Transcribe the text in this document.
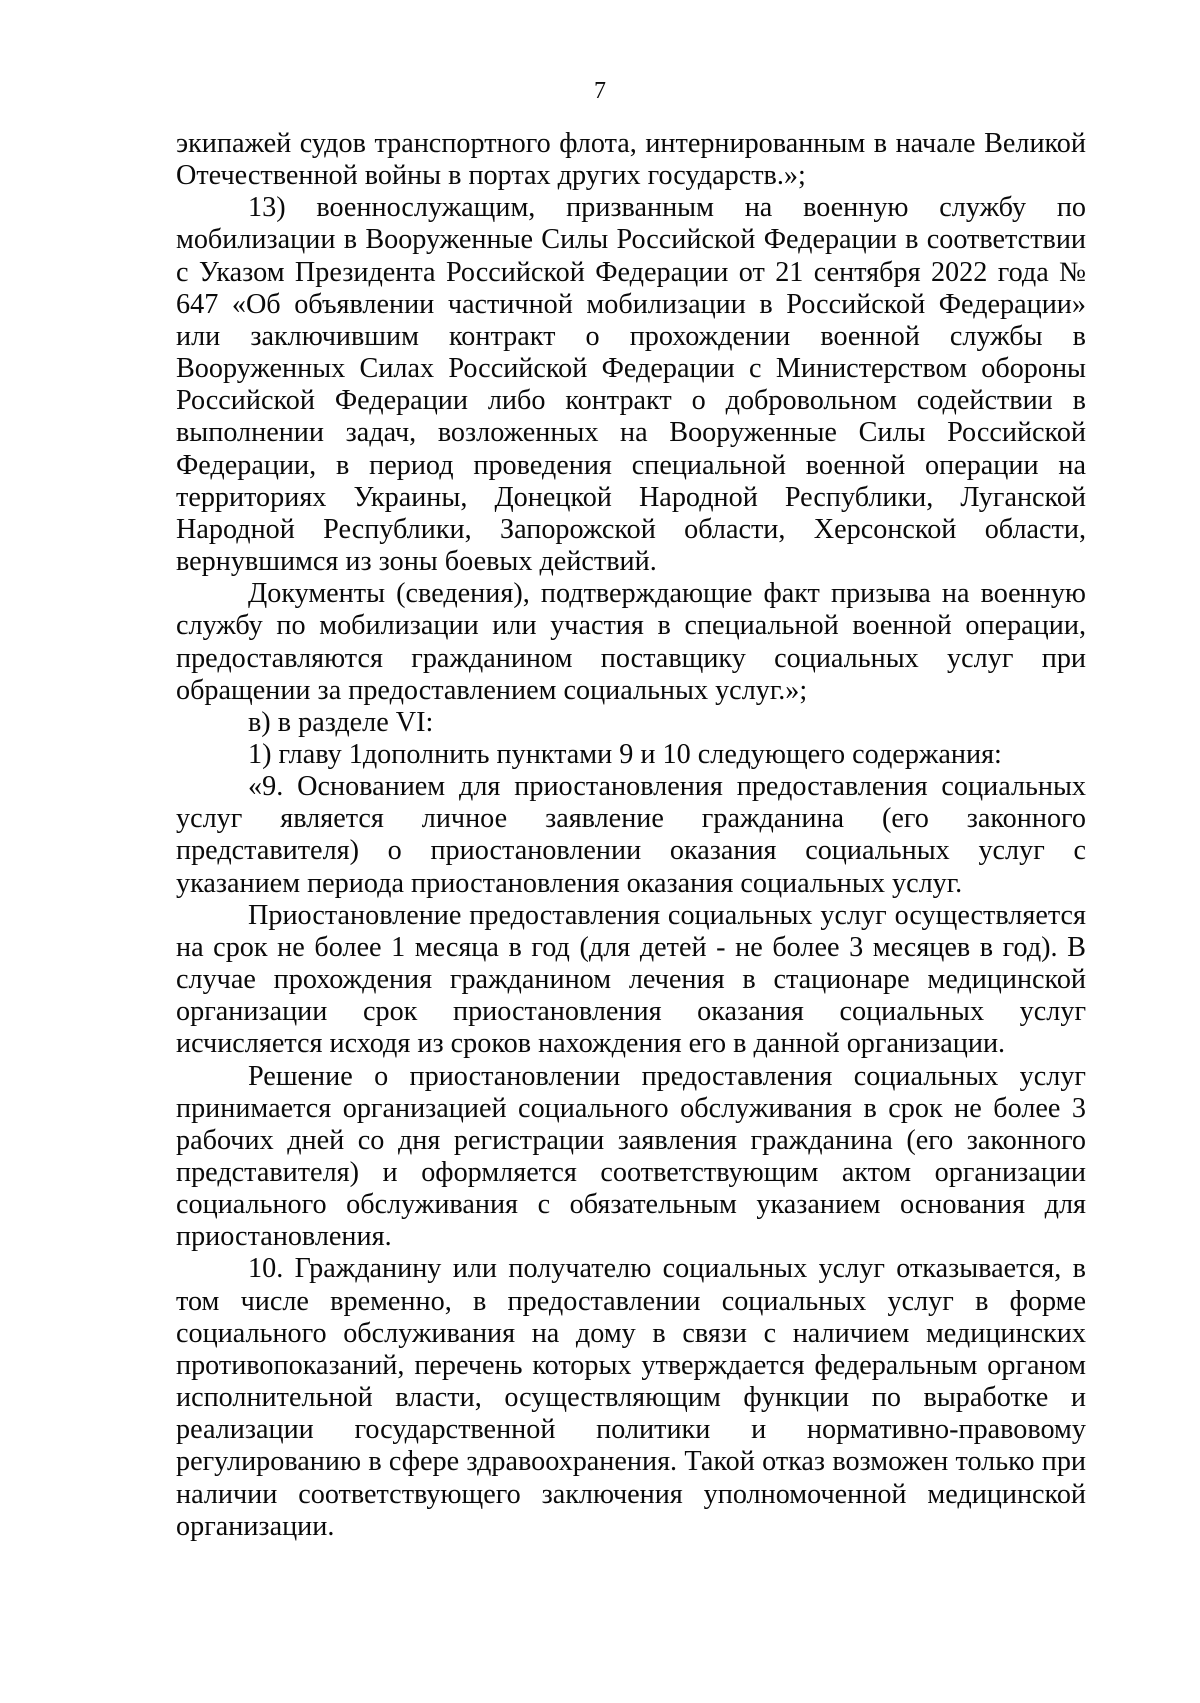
7

экипажей судов транспортного флота, интернированным в начале Великой Отечественной войны в портах других государств.»;

13) военнослужащим, призванным на военную службу по мобилизации в Вооруженные Силы Российской Федерации в соответствии с Указом Президента Российской Федерации от 21 сентября 2022 года № 647 «Об объявлении частичной мобилизации в Российской Федерации» или заключившим контракт о прохождении военной службы в Вооруженных Силах Российской Федерации с Министерством обороны Российской Федерации либо контракт о добровольном содействии в выполнении задач, возложенных на Вооруженные Силы Российской Федерации, в период проведения специальной военной операции на территориях Украины, Донецкой Народной Республики, Луганской Народной Республики, Запорожской области, Херсонской области, вернувшимся из зоны боевых действий.

Документы (сведения), подтверждающие факт призыва на военную службу по мобилизации или участия в специальной военной операции, предоставляются гражданином поставщику социальных услуг при обращении за предоставлением социальных услуг.»;

в) в разделе VI:

1) главу 1дополнить пунктами 9 и 10 следующего содержания:

«9. Основанием для приостановления предоставления социальных услуг является личное заявление гражданина (его законного представителя) о приостановлении оказания социальных услуг с указанием периода приостановления оказания социальных услуг.

Приостановление предоставления социальных услуг осуществляется на срок не более 1 месяца в год (для детей - не более 3 месяцев в год). В случае прохождения гражданином лечения в стационаре медицинской организации срок приостановления оказания социальных услуг исчисляется исходя из сроков нахождения его в данной организации.

Решение о приостановлении предоставления социальных услуг принимается организацией социального обслуживания в срок не более 3 рабочих дней со дня регистрации заявления гражданина (его законного представителя) и оформляется соответствующим актом организации социального обслуживания с обязательным указанием основания для приостановления.

10. Гражданину или получателю социальных услуг отказывается, в том числе временно, в предоставлении социальных услуг в форме социального обслуживания на дому в связи с наличием медицинских противопоказаний, перечень которых утверждается федеральным органом исполнительной власти, осуществляющим функции по выработке и реализации государственной политики и нормативно-правовому регулированию в сфере здравоохранения. Такой отказ возможен только при наличии соответствующего заключения уполномоченной медицинской организации.
